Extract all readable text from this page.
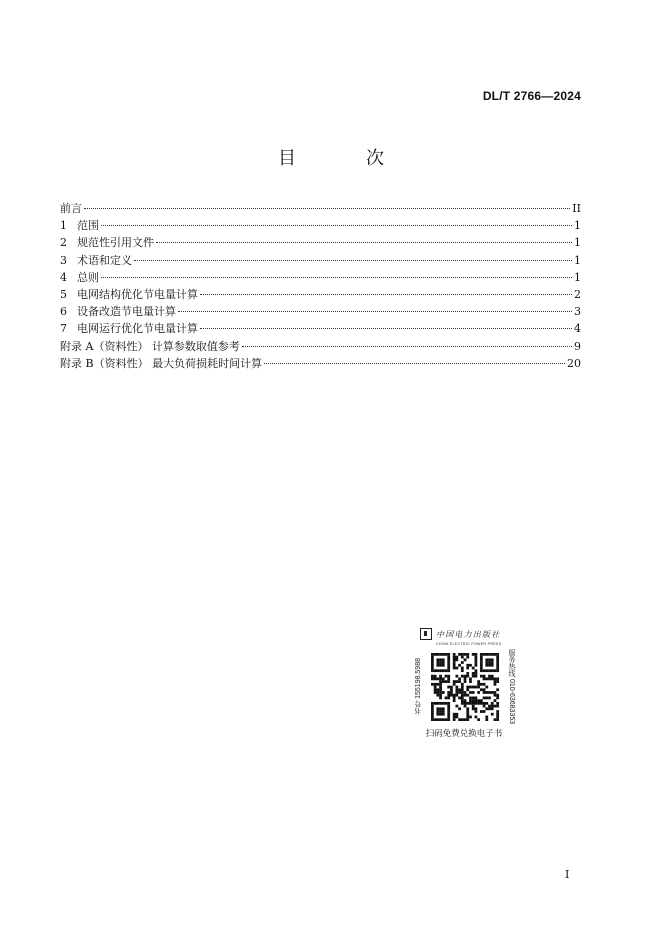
DL/T 2766—2024
目　次
前言	II
1 范围	1
2 规范性引用文件	1
3 术语和定义	1
4 总则	1
5 电网结构优化节电量计算	2
6 设备改造节电量计算	3
7 电网运行优化节电量计算	4
附录 A（资料性） 计算参数取值参考	9
附录 B（资料性） 最大负荷损耗时间计算	20
中国电力出版社
CHINA ELECTRIC POWER PRESS
书号 155198.5988	服务热线 010-63683353
扫码免费兑换电子书
I
